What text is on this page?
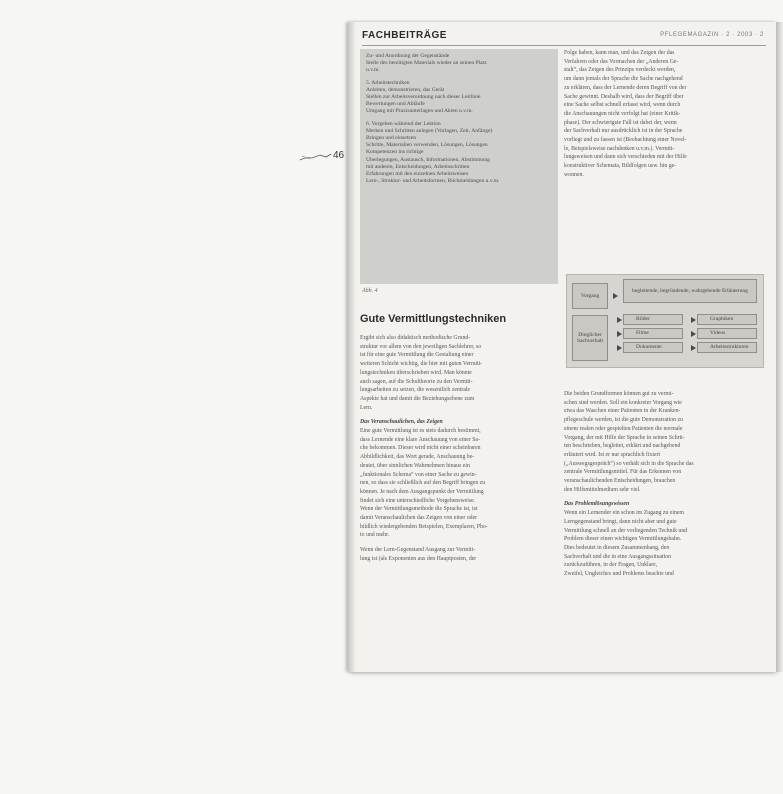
FACHBEITRÄGE	PFLEGEMAGAZIN · 2 · 2003 · 2
Zu- und Anordnung der Gegenstände
Stelle des benötigten Materials wieder an seinen Platz
u.v.m.
5. Arbeitstechniken
Anleiten, demonstrieren, das Gerät
Stellen zur Arbeitsverordnung nach dieser Leitlinie
Bewertungen und Abläufe
Umgang mit Praxisunterlagen und Akten u.v.m.
6. Vorgehen während der Lektion
Merken und Schritten anlegen (Vorlagen, Zeit, Anfänge)
Bringen und einsetzen
Schritte, Materialien verwenden, Lösungen, Lösungen
Kompetenzen ins richtige
Überlegungen, Austausch, Informationen, Abstimmung
mit anderen, Entscheidungen, Arbeitsschritten
Erfahrungen mit den einzelnen Arbeitsweisen
Lern-, Struktur- und Arbeitsformen, Rückmeldungen u.v.m.
Abb. 4
Gute Vermittlungstechniken
Ergibt sich also didaktisch methodische Grund-
struktur vor allem von den jeweiligen Sachlehrer, so
ist für eine gute Vermittlung die Gestaltung einer
weiteren Schicht wichtig, die hier mit guten Vermitt-
lungstechniken überschrieben wird. Man könnte
auch sagen, auf die Schultheorie zu den Vermitt-
lungsarbeiten zu setzen, die wesentlich zentrale
Aspekte hat und damit die Beziehungsebene zum
Lern.
Das Veranschaulichen, das Zeigen
Eine gute Vermittlung ist es stets dadurch bestimmt,
dass Lernende eine klare Anschauung von einer Sa-
che bekommen. Dieser wird nicht einer scheinbaren
Abbildlichkeit, das Wort gerade, Anschauung be-
deutet, über sinnlichen Wahrnehmen hinaus ein
„funktionales Schema“ von einer Sache zu gewin-
nen, so dass sie schließlich auf den Begriff bringen zu
können. Je nach dem Ausgangspunkt der Vermittlung
findet sich eine unterschiedliche Vorgehensweise.
Wenn der Vermittlungsmethode die Sprache ist, ist
damit Veranschaulichen das Zeigen von einer oder
bildlich wiedergebenden Beispielen, Exemplaren, Pho-
to und mehr.
Wenn der Lern-Gegenstand Ausgang zur Vermitt-
lung ist (als Exponenten aus den Hauptposten, der
Folge haben, kann man, und das Zeigen der das
Verfahren oder das Vormachen der „Anderen Ge-
stalt“, das Zeigen des Prinzips verdeckt werden,
um dann jemals der Sprache die Sache nachgehend
zu erklären, dass der Lernende deren Begriff von der
Sache gewinnt. Deshalb wird, dass der Begriff über
eine Sache selbst schnell erfasst wird, wenn durch
die Anschauungen nicht verfolgt hat (einer Kritik-
phase). Der schwierigste Fall ist dabei der, wenn
der Sachverhalt nur ausdrücklich ist in der Sprache
vorliegt und zu fassen ist (Beobachtung einer Novel-
le, Beispielsweise nachdenken u.v.m.). Vermitt-
lungsweisen und dann sich verschieden mit der Hilfe
konstruktiver Schemata, Bildfolgen usw. hin ge-
wonnen.
Vorgang
begleitende, begründende, wahrgebende Erläuterung
Dinglicher Sachverhalt
Bilder	Graphiken
Filme	Videos
Dokumente	Arbeitsstrukturen
Die beiden Grundformen können gut zu vermi-
schen sind werden. Soll ein konkreter Vorgang wie
etwa das Waschen einer Patienten in der Kranken-
pflegeschule werden, ist die gute Demonstration zu
einem realen oder gespielten Patienten die normale
Vorgang, der mit Hilfe der Sprache in seinen Schrit-
ten beschrieben, begleitet, erklärt und nachgebend
erläutert wird. Ist er nur sprachlich fixiert
(„Auswegsgespräch“) so verhält sich in die Sprache das
zentrale Vermittlungsmittel. Für das Erkennen von
veranschaulichenden Entscheidungen, brauchen
den Hilfsmittelmedium sehr viel.
Das Problemlösungswissen
Wenn ein Lernender ein schon im Zugang zu einem
Lerngegenstand bringt, dann nicht aber und gute
Vermittlung schnell an der vorliegenden Technik und
Problem dieser einen wichtigen Vermittlungsbahn.
Dies bedeutet in diesem Zusammenhang, den
Sachverhalt und die in eine Ausgangssituation
zurückzuführen, in der Fragen, Unklare,
Zweifel, Ungleiches und Problems beachte und
46
